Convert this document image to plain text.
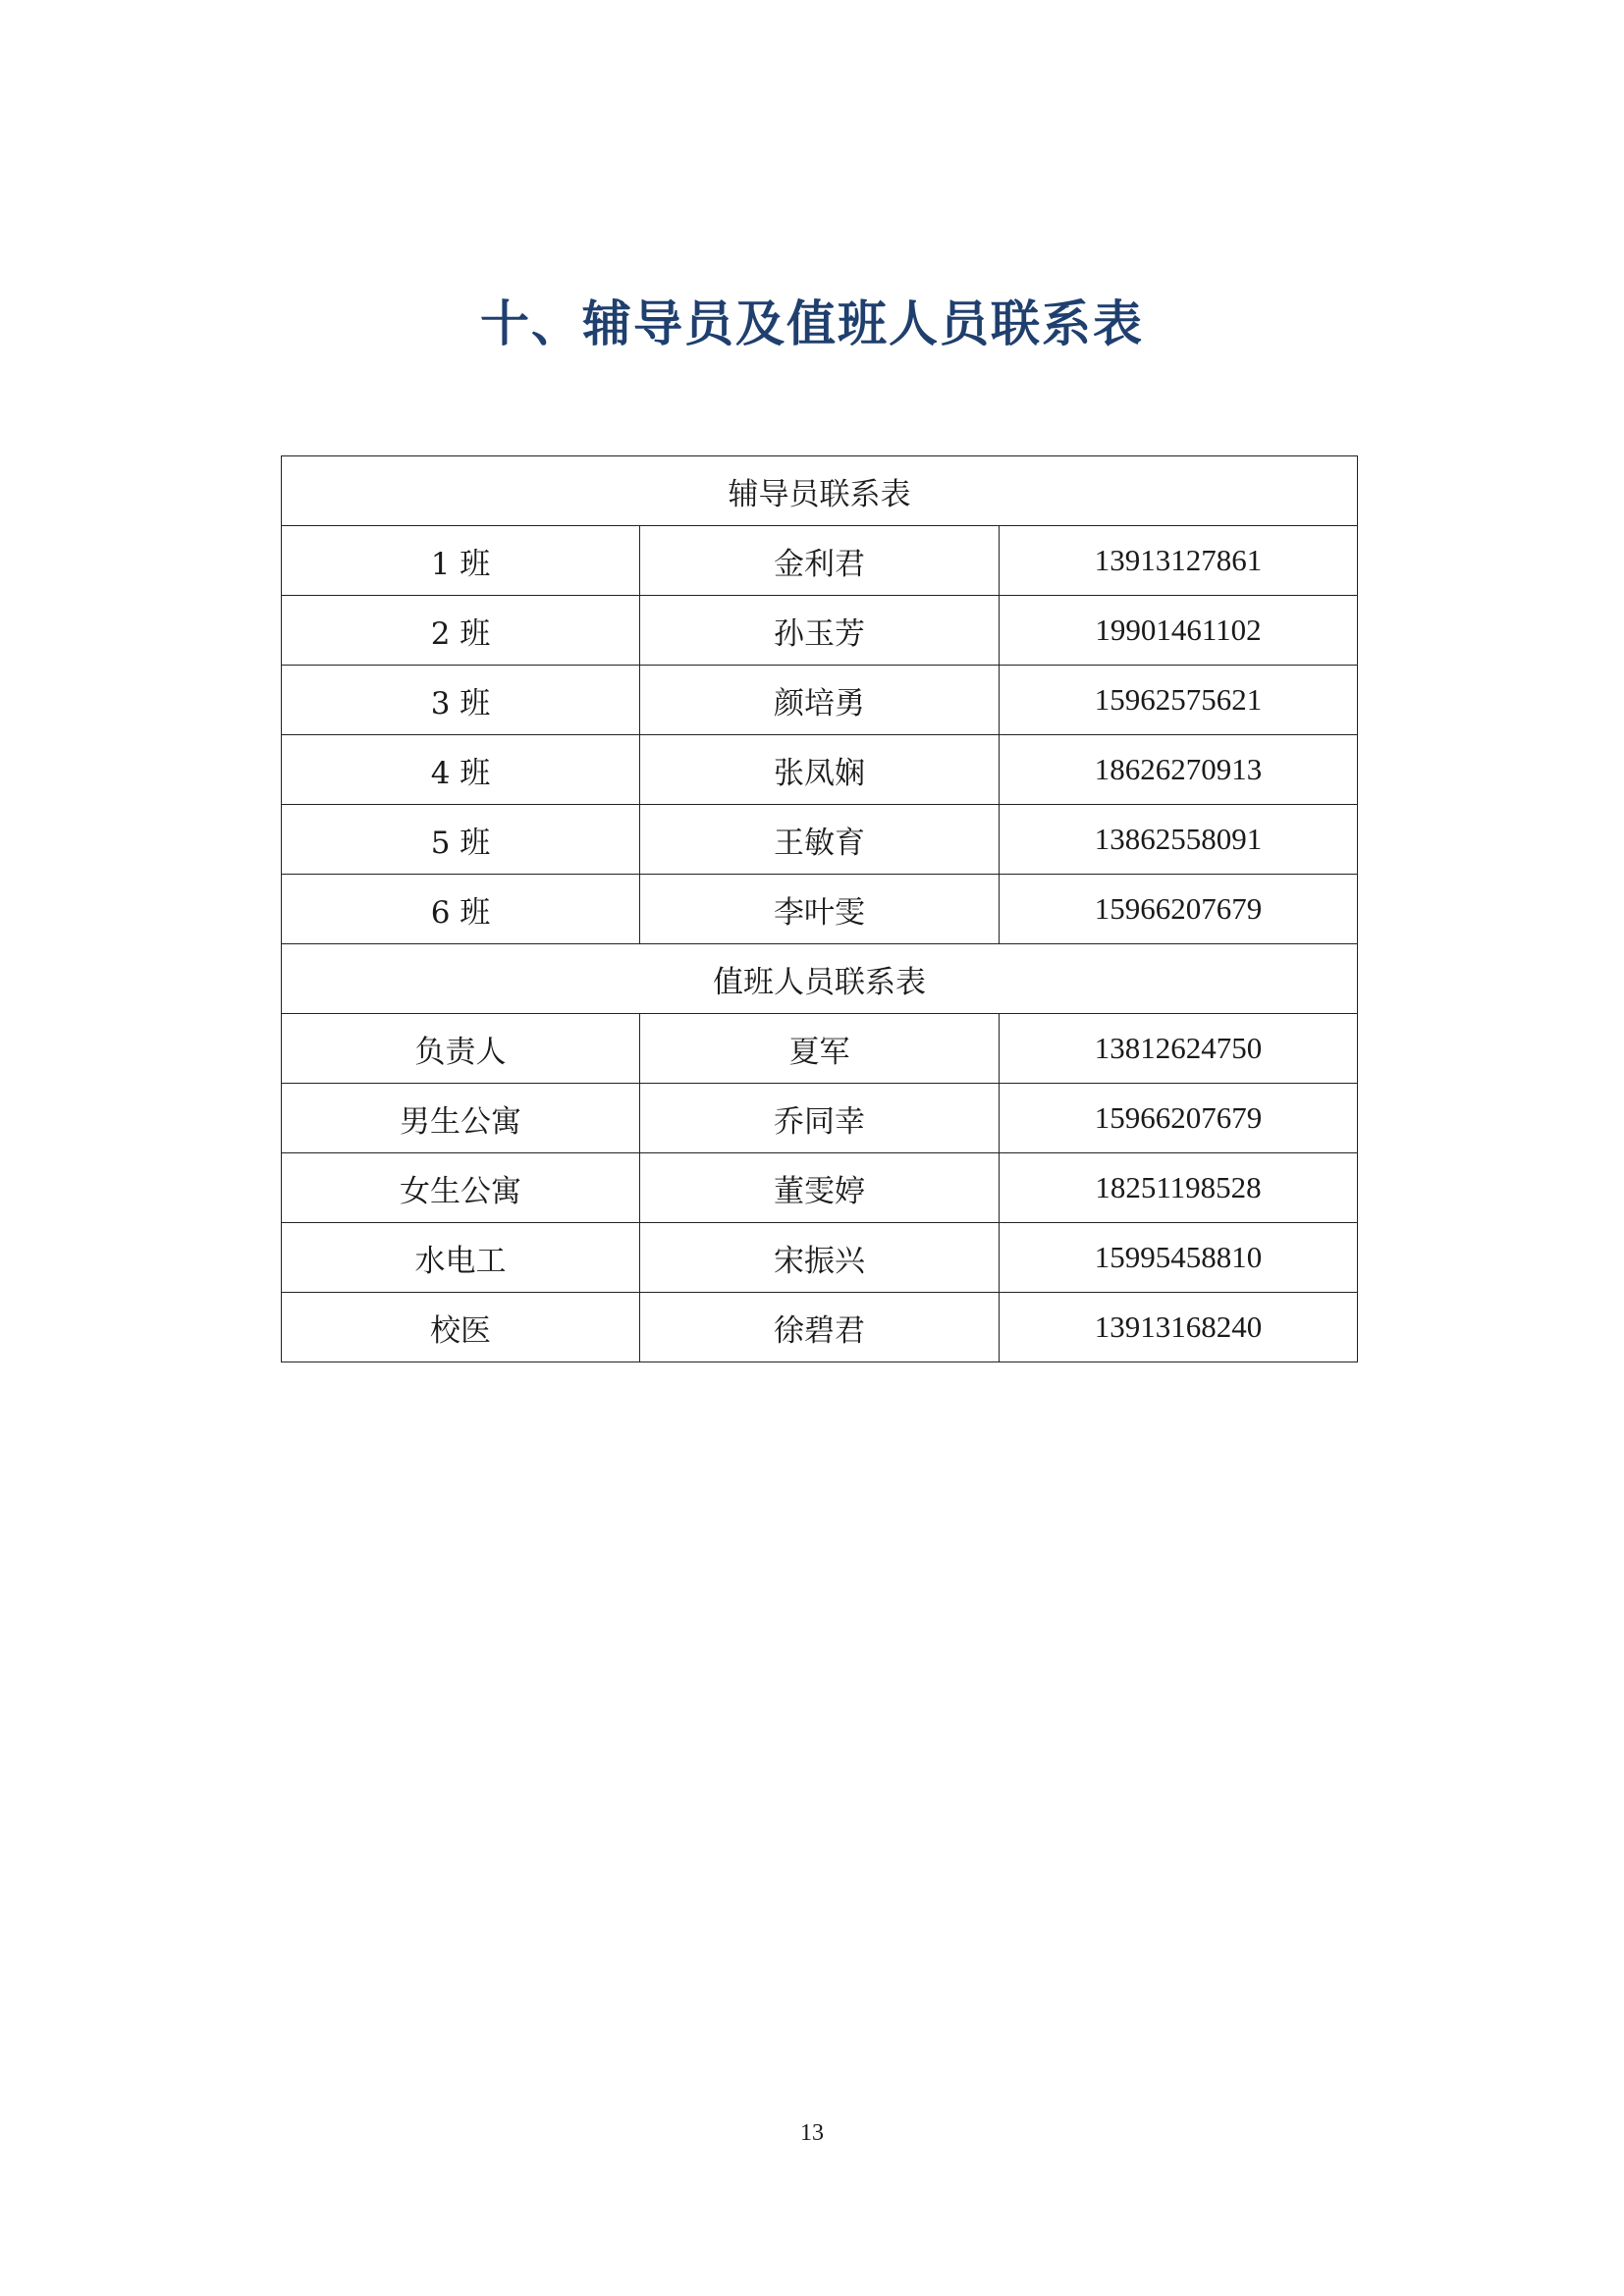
十、辅导员及值班人员联系表
辅导员联系表		
1 班	金利君	13913127861
2 班	孙玉芳	19901461102
3 班	颜培勇	15962575621
4 班	张凤娴	18626270913
5 班	王敏育	13862558091
6 班	李叶雯	15966207679
值班人员联系表		
负责人	夏军	13812624750
男生公寓	乔同幸	15966207679
女生公寓	董雯婷	18251198528
水电工	宋振兴	15995458810
校医	徐碧君	13913168240
13
